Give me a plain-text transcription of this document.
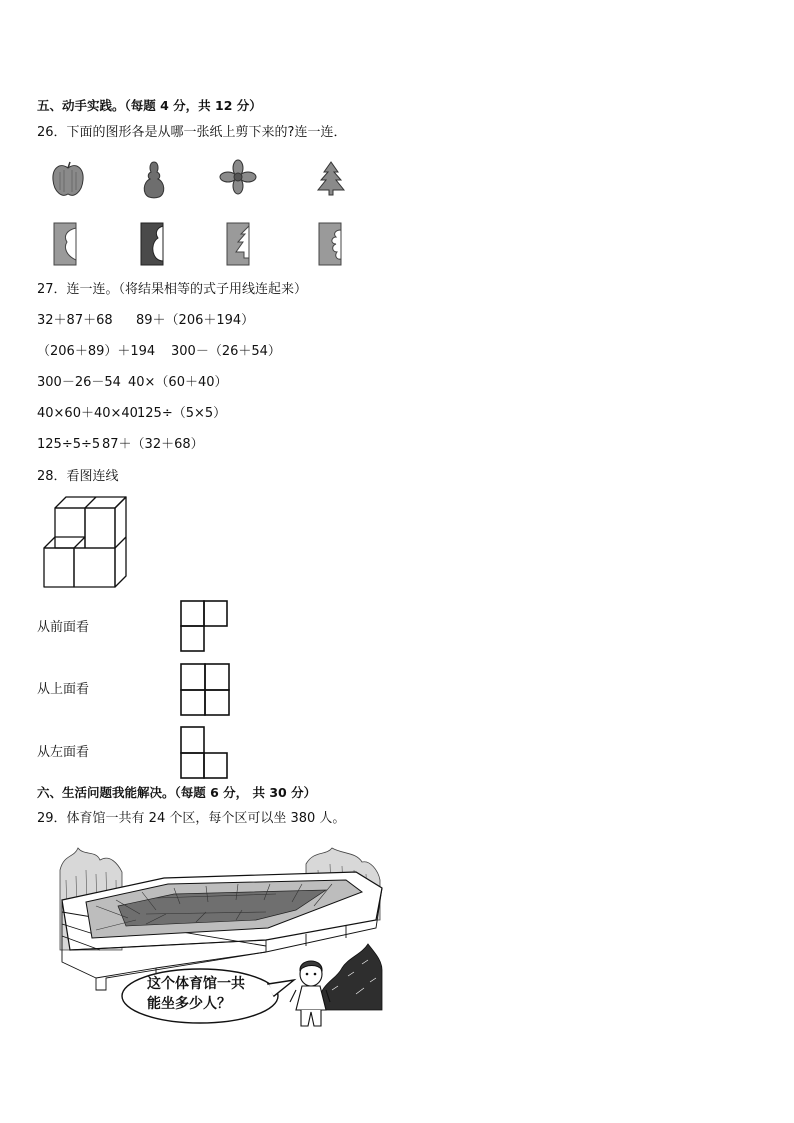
五、动手实践。（每题 4 分，共 12 分）
26．下面的图形各是从哪一张纸上剪下来的?连一连．
27．连一连。（将结果相等的式子用线连起来）
32＋87＋68 89＋（206＋194）
（206＋89）＋194 300－（26＋54）
300－26－54 40×（60＋40）
40×60＋40×40 125÷（5×5）
125÷5÷5 87＋（32＋68）
28．看图连线
从前面看
从上面看
从左面看
六、生活问题我能解决。（每题 6 分， 共 30 分）
29．体育馆一共有 24 个区，每个区可以坐 380 人。
这个体育馆一共
能坐多少人？
